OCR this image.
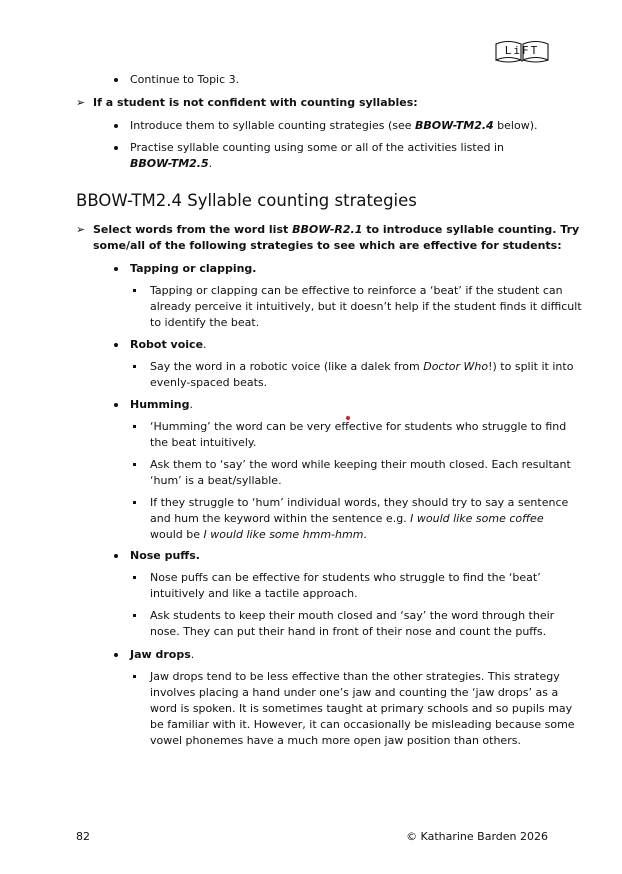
LiFT
Continue to Topic 3.
➢ If a student is not confident with counting syllables:
Introduce them to syllable counting strategies (see BBOW-TM2.4 below).
Practise syllable counting using some or all of the activities listed in
BBOW-TM2.5.
BBOW-TM2.4 Syllable counting strategies
➢ Select words from the word list BBOW-R2.1 to introduce syllable counting. Try
some/all of the following strategies to see which are effective for students:
Tapping or clapping.
Tapping or clapping can be effective to reinforce a ‘beat’ if the student can
already perceive it intuitively, but it doesn’t help if the student finds it difficult
to identify the beat.
Robot voice.
Say the word in a robotic voice (like a dalek from Doctor Who!) to split it into
evenly-spaced beats.
Humming.
‘Humming’ the word can be very effective for students who struggle to find
the beat intuitively.
Ask them to ‘say’ the word while keeping their mouth closed. Each resultant
‘hum’ is a beat/syllable.
If they struggle to ‘hum’ individual words, they should try to say a sentence
and hum the keyword within the sentence e.g. I would like some coffee
would be I would like some hmm-hmm.
Nose puffs.
Nose puffs can be effective for students who struggle to find the ‘beat’
intuitively and like a tactile approach.
Ask students to keep their mouth closed and ‘say’ the word through their
nose. They can put their hand in front of their nose and count the puffs.
Jaw drops.
Jaw drops tend to be less effective than the other strategies. This strategy
involves placing a hand under one’s jaw and counting the ‘jaw drops’ as a
word is spoken. It is sometimes taught at primary schools and so pupils may
be familiar with it. However, it can occasionally be misleading because some
vowel phonemes have a much more open jaw position than others.
82	© Katharine Barden 2026
